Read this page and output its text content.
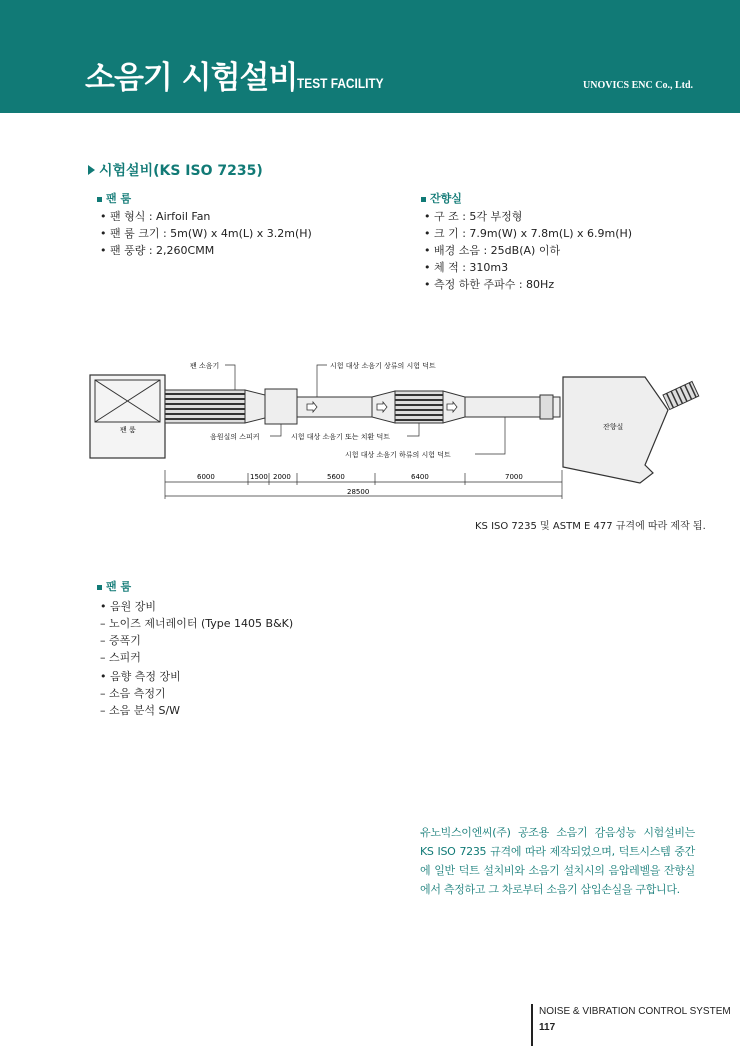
소음기 시험설비 TEST FACILITY	UNOVICS ENC Co., Ltd.
시험설비(KS ISO 7235)
팬 룸
• 팬 형식 : Airfoil Fan
• 팬 룸 크기 : 5m(W) x 4m(L) x 3.2m(H)
• 팬 풍량 : 2,260CMM
잔향실
• 구 조 : 5각 부정형
• 크 기 : 7.9m(W) x 7.8m(L) x 6.9m(H)
• 배경 소음 : 25dB(A) 이하
• 체 적 : 310m3
• 측정 하한 주파수 : 80Hz
팬 룸	잔향실
팬 소음기	시험 대상 소음기 상류의 시험 덕트
음원실의 스피커	시험 대상 소음기 또는 치환 덕트
시험 대상 소음기 하류의 시험 덕트
6000	1500 2000	5600	6400	7000
28500
KS ISO 7235 및 ASTM E 477 규격에 따라 제작 됨.
팬 룸
• 음원 장비
– 노이즈 제너레이터 (Type 1405 B&K)
– 증폭기
– 스피커
• 음향 측정 장비
– 소음 측정기
– 소음 분석 S/W
유노빅스이엔씨(주) 공조용 소음기 감음성능 시험설비는 KS ISO 7235 규격에 따라 제작되었으며, 덕트시스템 중간에 일반 덕트 설치비와 소음기 설치시의 음압레벨을 잔향실에서 측정하고 그 차로부터 소음기 삽입손실을 구합니다.
NOISE & VIBRATION CONTROL SYSTEM
117
